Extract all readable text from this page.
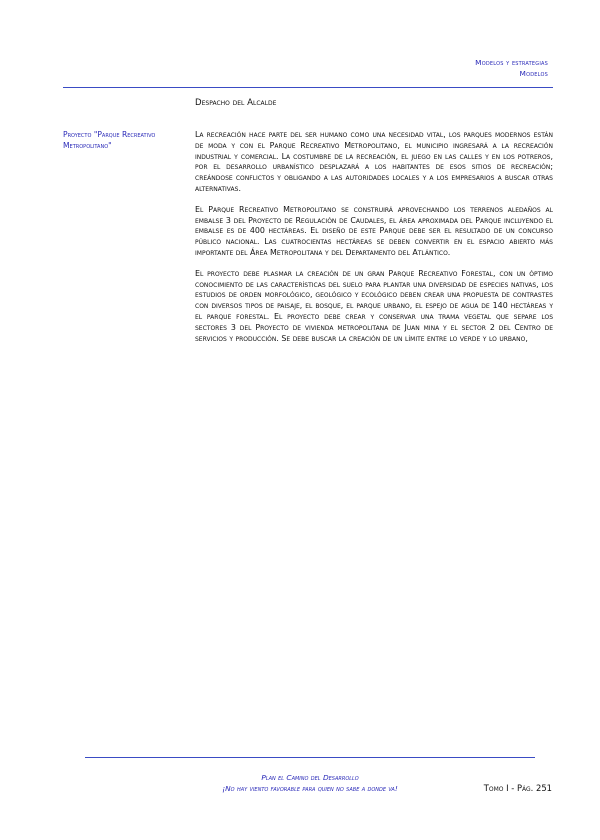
Modelos y estrategias
Modelos
Despacho del Alcalde
Proyecto "Parque Recreativo Metropolitano"

La recreación hace parte del ser humano como una necesidad vital, los parques modernos están de moda y con el Parque Recreativo Metropolitano, el municipio ingresará a la recreación industrial y comercial. La costumbre de la recreación, el juego en las calles y en los potreros, por el desarrollo urbanístico desplazará a los habitantes de esos sitios de recreación; creándose conflictos y obligando a las autoridades locales y a los empresarios a buscar otras alternativas.

El Parque Recreativo Metropolitano se construirá aprovechando los terrenos aledaños al embalse 3 del Proyecto de Regulación de Caudales, el área aproximada del Parque incluyendo el embalse es de 400 hectáreas. El diseño de este Parque debe ser el resultado de un concurso público nacional. Las cuatrocientas hectáreas se deben convertir en el espacio abierto más importante del Área Metropolitana y del Departamento del Atlántico.

El proyecto debe plasmar la creación de un gran Parque Recreativo Forestal, con un óptimo conocimiento de las características del suelo para plantar una diversidad de especies nativas, los estudios de orden morfológico, geológico y ecológico deben crear una propuesta de contrastes con diversos tipos de paisaje, el bosque, el parque urbano, el espejo de agua de 140 hectáreas y el parque forestal. El proyecto debe crear y conservar una trama vegetal que separe los sectores 3 del Proyecto de vivienda metropolitana de Juan mina y el sector 2 del Centro de servicios y producción. Se debe buscar la creación de un límite entre lo verde y lo urbano,

Plan el Camino del Desarrollo
¡No hay viento favorable para quien no sabe a donde va!	Tomo I - Pág. 251
